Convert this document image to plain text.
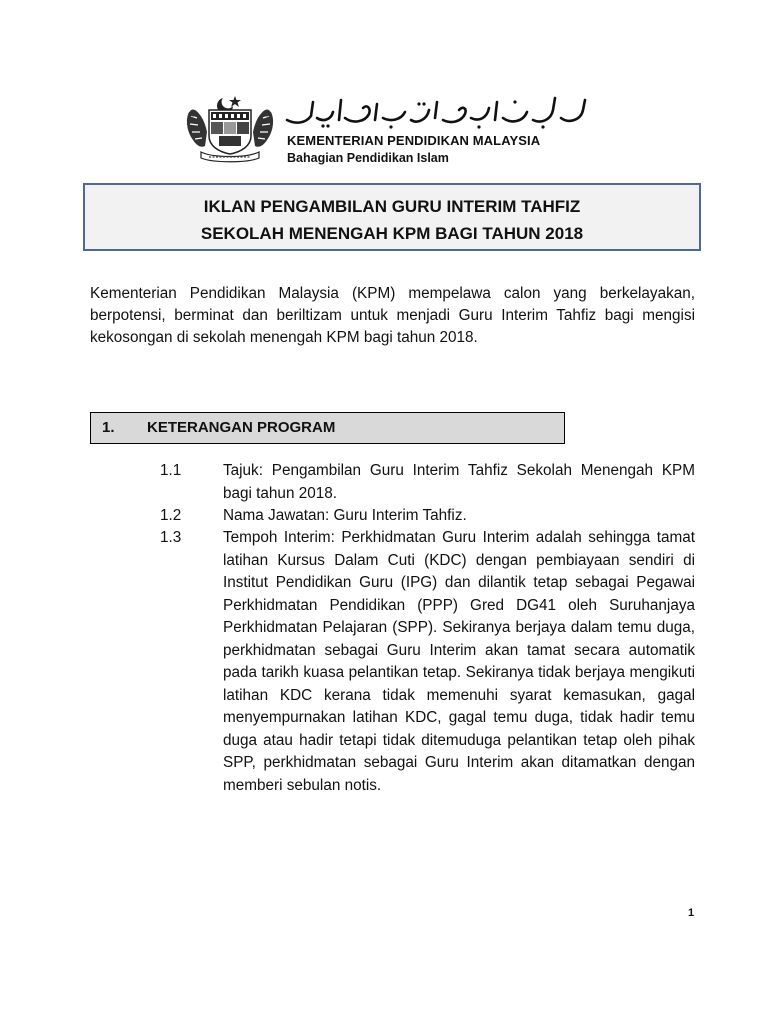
KEMENTERIAN PENDIDIKAN MALAYSIA
Bahagian Pendidikan Islam
IKLAN PENGAMBILAN GURU INTERIM TAHFIZ
SEKOLAH MENENGAH KPM BAGI TAHUN 2018
Kementerian Pendidikan Malaysia (KPM) mempelawa calon yang berkelayakan, berpotensi, berminat dan beriltizam untuk menjadi Guru Interim Tahfiz bagi mengisi kekosongan di sekolah menengah KPM bagi tahun 2018.
1. KETERANGAN PROGRAM
1.1	Tajuk: Pengambilan Guru Interim Tahfiz Sekolah Menengah KPM bagi tahun 2018.
1.2	Nama Jawatan: Guru Interim Tahfiz.
1.3	Tempoh Interim: Perkhidmatan Guru Interim adalah sehingga tamat latihan Kursus Dalam Cuti (KDC) dengan pembiayaan sendiri di Institut Pendidikan Guru (IPG) dan dilantik tetap sebagai Pegawai Perkhidmatan Pendidikan (PPP) Gred DG41 oleh Suruhanjaya Perkhidmatan Pelajaran (SPP). Sekiranya berjaya dalam temu duga, perkhidmatan sebagai Guru Interim akan tamat secara automatik pada tarikh kuasa pelantikan tetap. Sekiranya tidak berjaya mengikuti latihan KDC kerana tidak memenuhi syarat kemasukan, gagal menyempurnakan latihan KDC, gagal temu duga, tidak hadir temu duga atau hadir tetapi tidak ditemuduga pelantikan tetap oleh pihak SPP, perkhidmatan sebagai Guru Interim akan ditamatkan dengan memberi sebulan notis.
1
